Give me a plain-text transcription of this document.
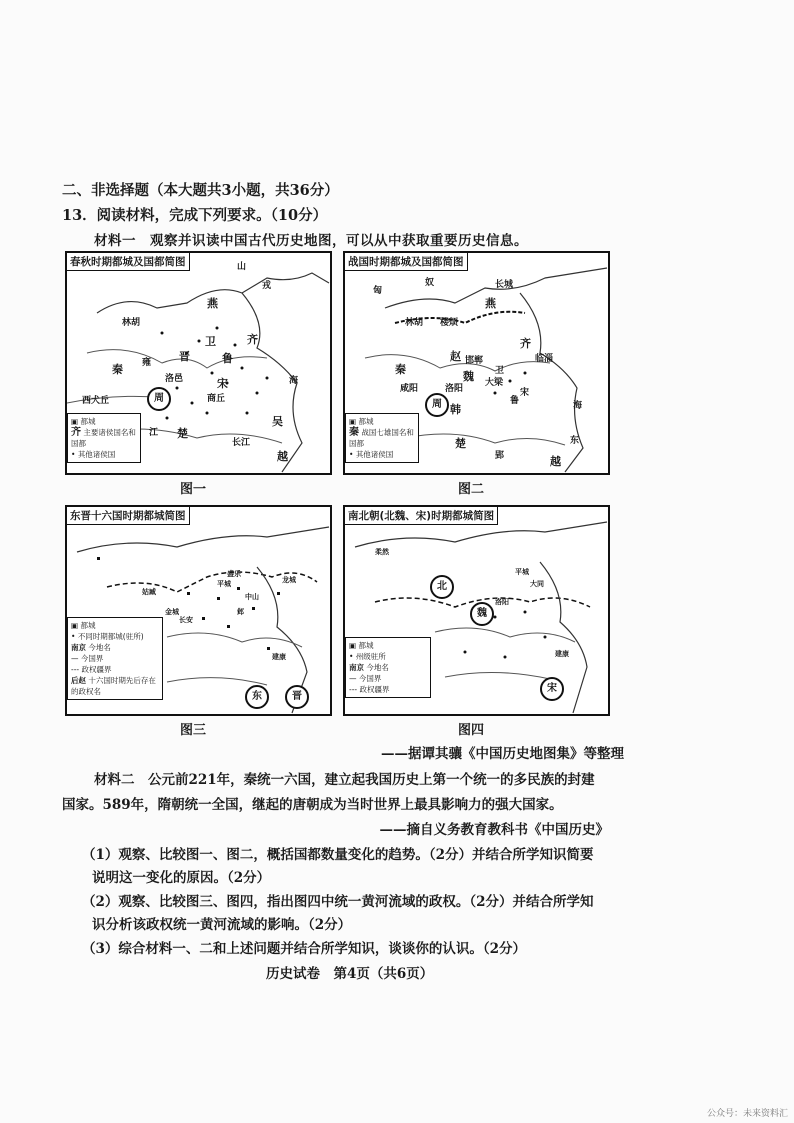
二、非选择题（本大题共3小题，共36分）
13．阅读材料，完成下列要求。（10分）
材料一　观察并识读中国古代历史地图，可以从中获取重要历史信息。
春秋时期都城及国都简图	山
戎
燕
林胡
晋
卫
鲁
齐
秦
周
宋
商丘
楚
吴
越
西犬丘
洛邑
江
长江
海
雍
▣ 都城
齐 主要诸侯国名和国都
• 其他诸侯国
图一
战国时期都城及国都简图
匈
奴
燕
林胡 楼烦
赵 邯郸
齐
临淄
魏 大梁
秦
咸阳
周 韩
洛阳
楚
越
东
海
鲁
卫
宋
郢
长城
▣ 都城
秦 战国七雄国名和国都
• 其他诸侯国
图二
东晋十六国时期都城简图
东	晋
长安
平城
姑臧
金城
盛乐
建康
中山
邺
龙城
▣ 都城
• 不同时期都城(驻所)
南京 今地名
— 今国界
--- 政权疆界
后赵 十六国时期先后存在的政权名
图三
南北朝(北魏、宋)时期都城简图
北
魏
宋
柔然
平城
洛阳
大同
建康
▣ 都城
• 州级驻所
南京 今地名
— 今国界
--- 政权疆界
图四
——据谭其骧《中国历史地图集》等整理
材料二　公元前221年，秦统一六国，建立起我国历史上第一个统一的多民族的封建
国家。589年，隋朝统一全国，继起的唐朝成为当时世界上最具影响力的强大国家。
——摘自义务教育教科书《中国历史》
（1）观察、比较图一、图二，概括国都数量变化的趋势。（2分）并结合所学知识简要
说明这一变化的原因。（2分）
（2）观察、比较图三、图四，指出图四中统一黄河流域的政权。（2分）并结合所学知
识分析该政权统一黄河流域的影响。（2分）
（3）综合材料一、二和上述问题并结合所学知识，谈谈你的认识。（2分）
历史试卷　第4页（共6页）
公众号：未来资料汇
